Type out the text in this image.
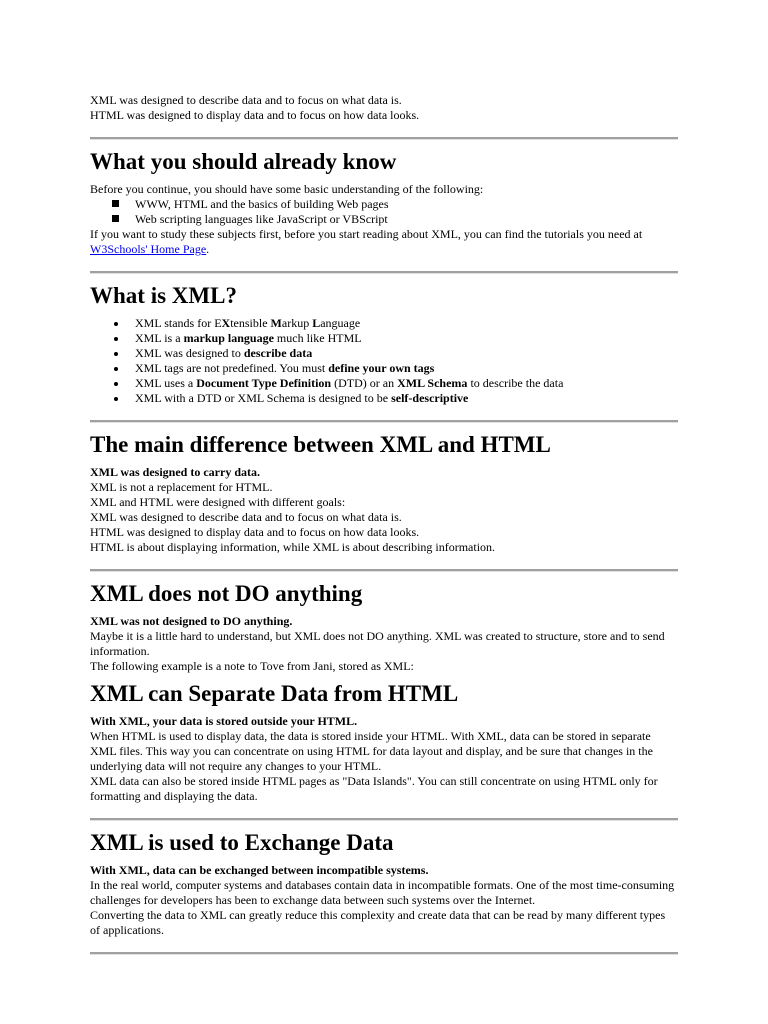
XML was designed to describe data and to focus on what data is.

HTML was designed to display data and to focus on how data looks.

What you should already know

Before you continue, you should have some basic understanding of the following:

WWW, HTML and the basics of building Web pages
Web scripting languages like JavaScript or VBScript

If you want to study these subjects first, before you start reading about XML, you can find the tutorials you need at
W3Schools' Home Page.

What is XML?
XML stands for EXtensible Markup Language
XML is a markup language much like HTML
XML was designed to describe data
XML tags are not predefined. You must define your own tags
XML uses a Document Type Definition (DTD) or an XML Schema to describe the data
XML with a DTD or XML Schema is designed to be self-descriptive
The main difference between XML and HTML

XML was designed to carry data.

XML is not a replacement for HTML.

XML and HTML were designed with different goals:

XML was designed to describe data and to focus on what data is.

HTML was designed to display data and to focus on how data looks.

HTML is about displaying information, while XML is about describing information.

XML does not DO anything

XML was not designed to DO anything.

Maybe it is a little hard to understand, but XML does not DO anything. XML was created to structure, store and to send information.

The following example is a note to Tove from Jani, stored as XML:

XML can Separate Data from HTML

With XML, your data is stored outside your HTML.

When HTML is used to display data, the data is stored inside your HTML. With XML, data can be stored in separate XML files. This way you can concentrate on using HTML for data layout and display, and be sure that changes in the underlying data will not require any changes to your HTML.

XML data can also be stored inside HTML pages as "Data Islands". You can still concentrate on using HTML only for formatting and displaying the data.

XML is used to Exchange Data

With XML, data can be exchanged between incompatible systems.

In the real world, computer systems and databases contain data in incompatible formats. One of the most time-consuming challenges for developers has been to exchange data between such systems over the Internet.

Converting the data to XML can greatly reduce this complexity and create data that can be read by many different types of applications.
